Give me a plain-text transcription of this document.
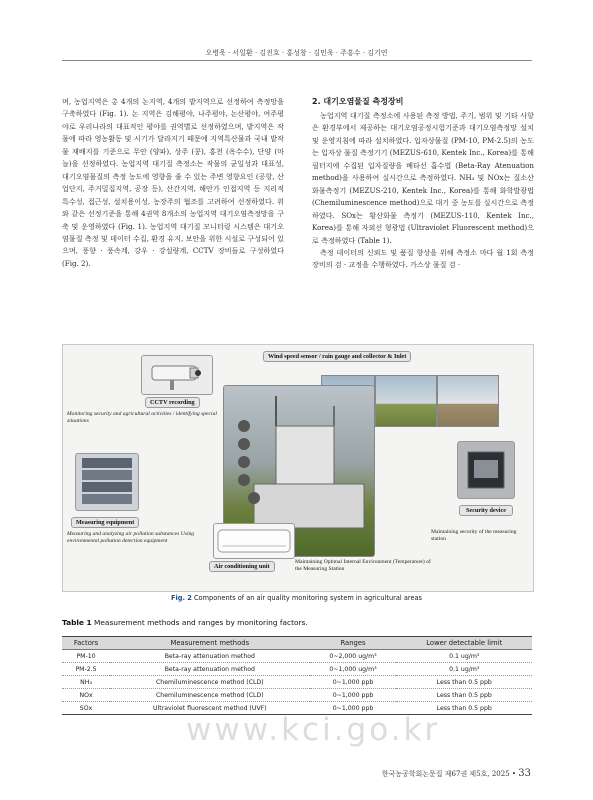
오병욱 · 서일환 · 김진호 · 홍성창 · 김민욱 · 주흥수 · 김기연

며, 농업지역은 총 4개의 논지역, 4개의 밭지역으로 선정하여 측정망을 구축하였다 (Fig. 1). 논 지역은 김해평야, 나주평야, 논산평야, 여주평야로 우리나라의 대표적인 평야를 권역별로 선정하였으며, 밭지역은 작물에 따라 영농활동 및 시기가 달라지기 때문에 지역특산물과 국내 밭작물 재배지를 기준으로 무안 (양파), 상주 (콩), 홍천 (옥수수), 단양 (마늘)을 선정하였다. 농업지역 대기질 측정소는 작물의 균일성과 대표성, 대기오염물질의 측정 농도에 영향을 줄 수 있는 주변 영향요인 (공항, 산업단지, 주거밀집지역, 공장 등), 산간지역, 해안가 인접지역 등 지리적 특수성, 접근성, 설치용이성, 농장주의 협조를 고려하여 선정하였다. 위와 같은 선정기준을 통해 4권역 8개소의 농업지역 대기오염측정망을 구축 및 운영하였다 (Fig. 1). 농업지역 대기질 모니터링 시스템은 대기오염물질 측정 및 데이터 수집, 환경 유지, 보안을 위한 시설로 구성되어 있으며, 풍향 · 풍속계, 강우 · 강설량계, CCTV 장비들로 구성하였다 (Fig. 2).

2. 대기오염물질 측정장비

농업지역 대기질 측정소에 사용된 측정 방법, 주기, 범위 및 기타 사항은 환경부에서 제공하는 대기오염공정시험기준과 대기오염측정망 설치 및 운영지침에 따라 설치하였다. 입자상물질 (PM-10, PM-2.5)의 농도는 입자상 물질 측정기기 (MEZUS-610, Kentek Inc., Korea)를 통해 필터지에 수집된 입자질량을 베타선 흡수법 (Beta-Ray Atenuation method)을 사용하여 실시간으로 측정하였다. NH₃ 및 NOx는 질소산화물측정기 (MEZUS-210, Kentek Inc., Korea)를 통해 화학발광법 (Chemiluminescence method)으로 대기 중 농도를 실시간으로 측정하였다. SOx는 황산화물 측정기 (MEZUS-110, Kentek Inc., Korea)를 통해 자외선 형광법 (Ultraviolet Fluorescent method)으로 측정하였다 (Table 1).

측정 데이터의 신뢰도 및 품질 향상을 위해 측정소 마다 월 1회 측정장비의 검 · 교정을 수행하였다. 가스상 물질 검 ·

CCTV recording
Monitoring security and agricultural activities / identifying special situations
Wind speed sensor / rain gauge and collector & Inlet
Measuring equipment
Measuring and analyzing air pollution substances Using environmental pollution detection equipment
Air conditioning unit
Maintaining Optimal Internal Environment (Temperature) of the Measuring Station
Security device
Maintaining security of the measuring station
Fig. 2 Components of an air quality monitoring system in agricultural areas
Table 1 Measurement methods and ranges by monitoring factors.
Factors	Measurement methods	Ranges	Lower detectable limit
PM-10	Beta-ray attenuation method	0~2,000 ug/m³	0.1 ug/m³
PM-2.5	Beta-ray attenuation method	0~1,000 ug/m³	0.1 ug/m³
NH₃	Chemiluminescence method (CLD)	0~1,000 ppb	Less than 0.5 ppb
NOx	Chemiluminescence method (CLD)	0~1,000 ppb	Less than 0.5 ppb
SOx	Ultraviolet fluorescent method (UVF)	0~1,000 ppb	Less than 0.5 ppb
www.kci.go.kr
한국농공학회논문집 제67권 제5호, 2025 • 33
